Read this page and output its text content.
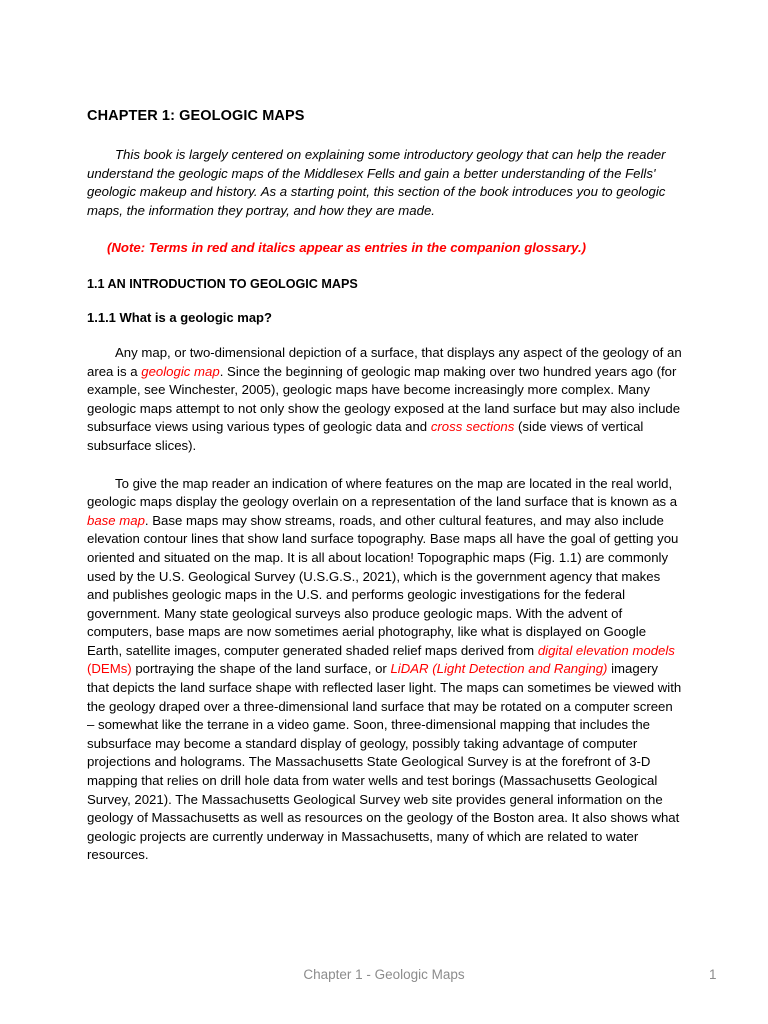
CHAPTER 1: GEOLOGIC MAPS

This book is largely centered on explaining some introductory geology that can help the reader understand the geologic maps of the Middlesex Fells and gain a better understanding of the Fells' geologic makeup and history. As a starting point, this section of the book introduces you to geologic maps, the information they portray, and how they are made.

(Note: Terms in red and italics appear as entries in the companion glossary.)

1.1 AN INTRODUCTION TO GEOLOGIC MAPS
1.1.1 What is a geologic map?

Any map, or two-dimensional depiction of a surface, that displays any aspect of the geology of an area is a geologic map. Since the beginning of geologic map making over two hundred years ago (for example, see Winchester, 2005), geologic maps have become increasingly more complex. Many geologic maps attempt to not only show the geology exposed at the land surface but may also include subsurface views using various types of geologic data and cross sections (side views of vertical subsurface slices).

To give the map reader an indication of where features on the map are located in the real world, geologic maps display the geology overlain on a representation of the land surface that is known as a base map. Base maps may show streams, roads, and other cultural features, and may also include elevation contour lines that show land surface topography. Base maps all have the goal of getting you oriented and situated on the map. It is all about location! Topographic maps (Fig. 1.1) are commonly used by the U.S. Geological Survey (U.S.G.S., 2021), which is the government agency that makes and publishes geologic maps in the U.S. and performs geologic investigations for the federal government. Many state geological surveys also produce geologic maps. With the advent of computers, base maps are now sometimes aerial photography, like what is displayed on Google Earth, satellite images, computer generated shaded relief maps derived from digital elevation models (DEMs) portraying the shape of the land surface, or LiDAR (Light Detection and Ranging) imagery that depicts the land surface shape with reflected laser light. The maps can sometimes be viewed with the geology draped over a three-dimensional land surface that may be rotated on a computer screen – somewhat like the terrane in a video game. Soon, three-dimensional mapping that includes the subsurface may become a standard display of geology, possibly taking advantage of computer projections and holograms. The Massachusetts State Geological Survey is at the forefront of 3-D mapping that relies on drill hole data from water wells and test borings (Massachusetts Geological Survey, 2021). The Massachusetts Geological Survey web site provides general information on the geology of Massachusetts as well as resources on the geology of the Boston area. It also shows what geologic projects are currently underway in Massachusetts, many of which are related to water resources.

Chapter 1 - Geologic Maps	1
